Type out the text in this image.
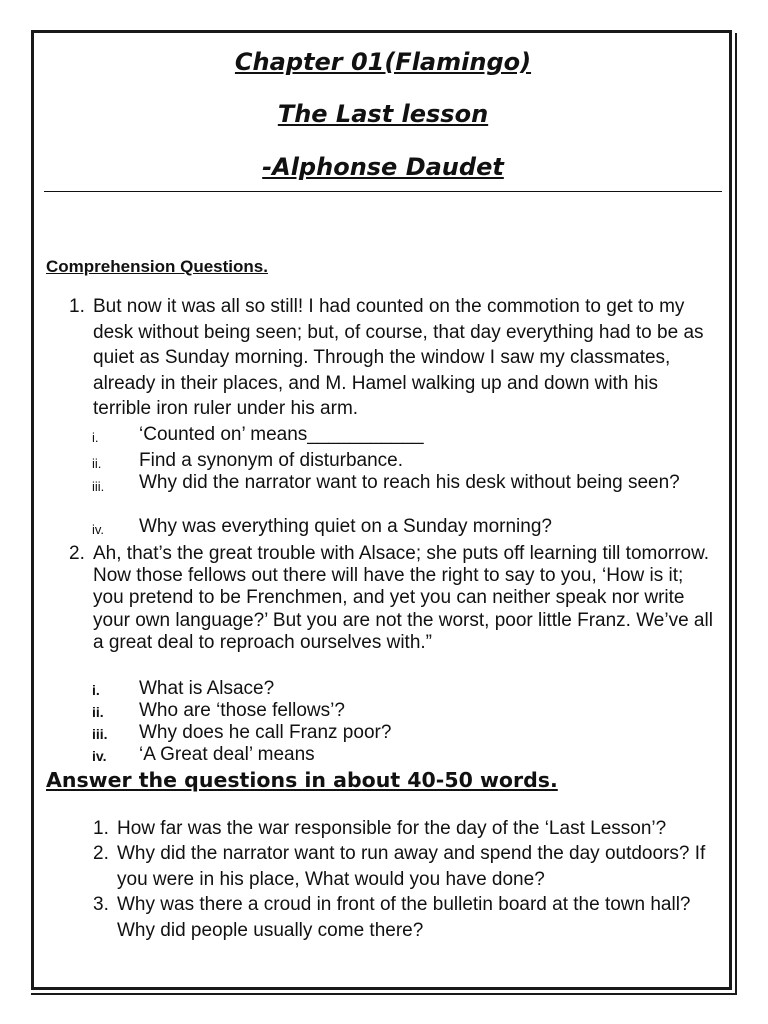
Chapter 01(Flamingo)
The Last lesson
-Alphonse Daudet
Comprehension Questions.
1. But now it was all so still! I had counted on the commotion to get to my desk without being seen; but, of course, that day everything had to be as quiet as Sunday morning. Through the window I saw my classmates, already in their places, and M. Hamel walking up and down with his terrible iron ruler under his arm.
i. ‘Counted on’ means___________
ii. Find a synonym of disturbance.
iii. Why did the narrator want to reach his desk without being seen?
iv. Why was everything quiet on a Sunday morning?
2. Ah, that’s the great trouble with Alsace; she puts off learning till tomorrow. Now those fellows out there will have the right to say to you, ‘How is it; you pretend to be Frenchmen, and yet you can neither speak nor write your own language?’ But you are not the worst, poor little Franz. We’ve all a great deal to reproach ourselves with.”
i. What is Alsace?
ii. Who are ‘those fellows’?
iii. Why does he call Franz poor?
iv. ‘A Great deal’ means
Answer the questions in about 40-50 words.
1. How far was the war responsible for the day of the ‘Last Lesson’?
2. Why did the narrator want to run away and spend the day outdoors? If you were in his place, What would you have done?
3. Why was there a croud in front of the bulletin board at the town hall? Why did people usually come there?
